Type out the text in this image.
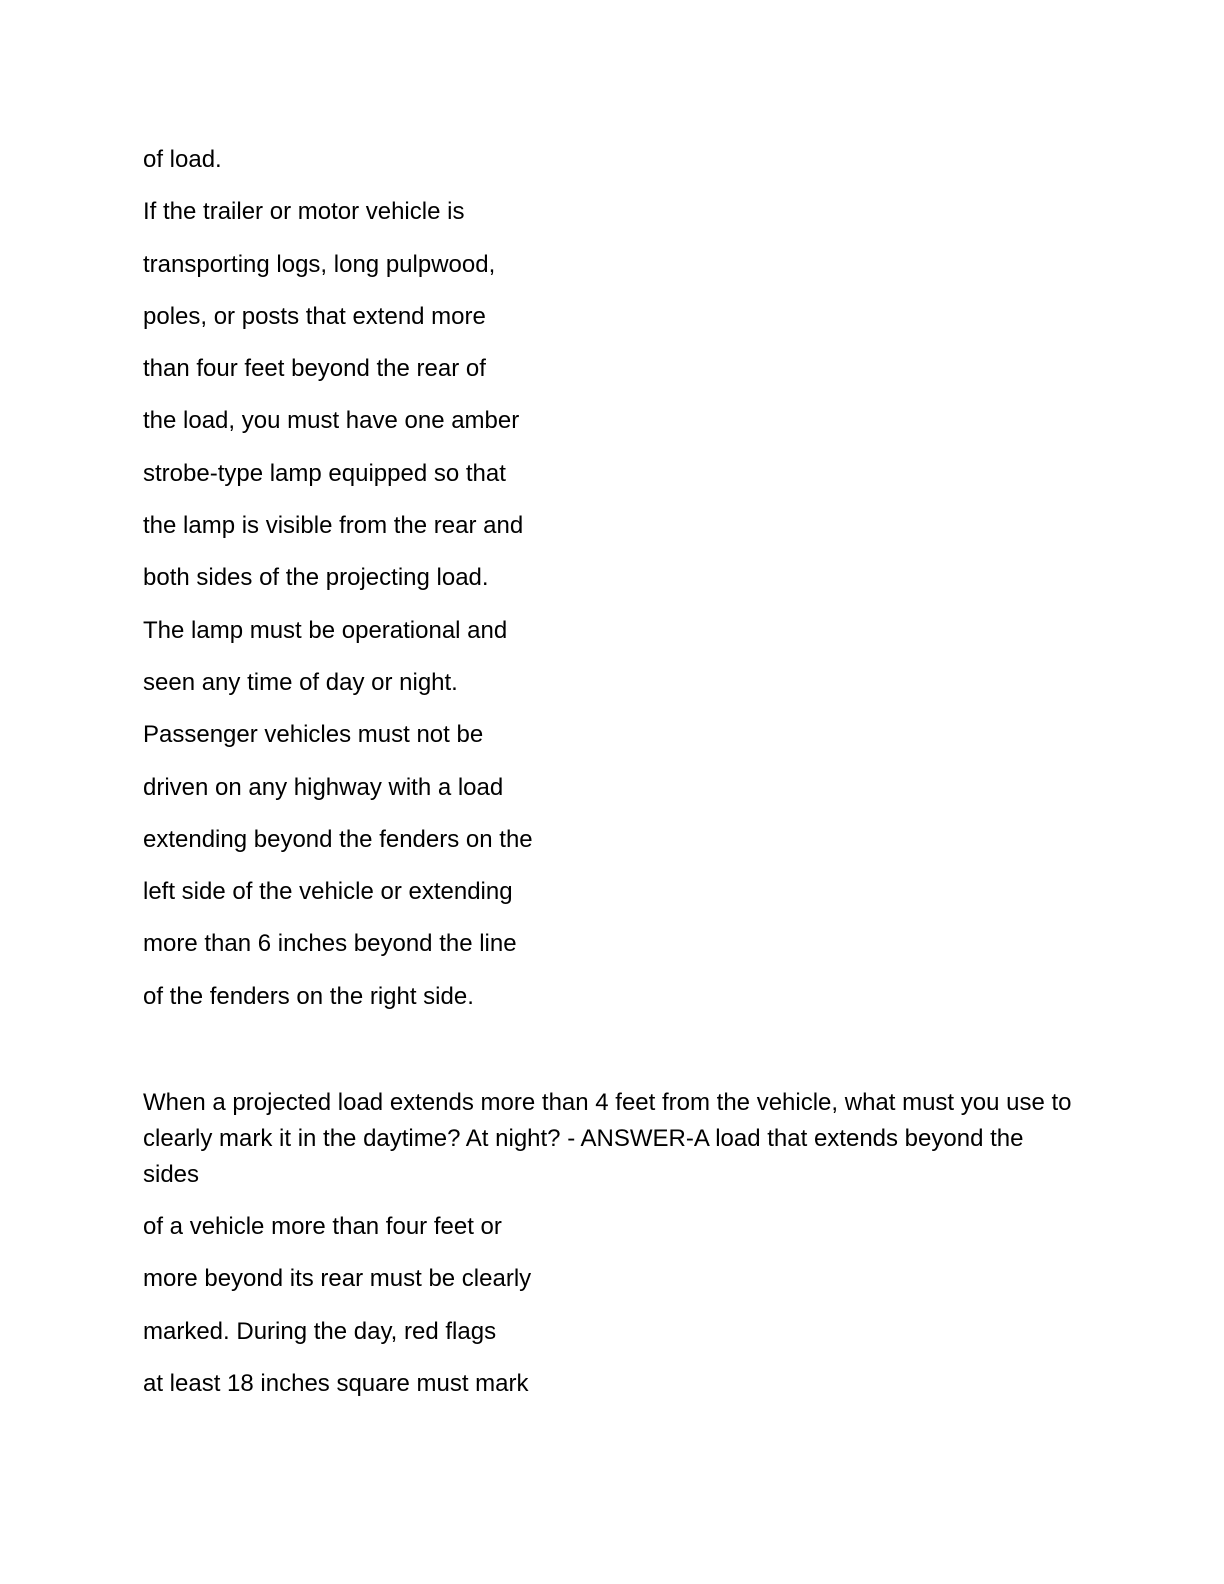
of load.
If the trailer or motor vehicle is
transporting logs, long pulpwood,
poles, or posts that extend more
than four feet beyond the rear of
the load, you must have one amber
strobe-type lamp equipped so that
the lamp is visible from the rear and
both sides of the projecting load.
The lamp must be operational and
seen any time of day or night.
Passenger vehicles must not be
driven on any highway with a load
extending beyond the fenders on the
left side of the vehicle or extending
more than 6 inches beyond the line
of the fenders on the right side.
When a projected load extends more than 4 feet from the vehicle, what must you use to clearly mark it in the daytime? At night? - ANSWER-A load that extends beyond the sides
of a vehicle more than four feet or
more beyond its rear must be clearly
marked. During the day, red flags
at least 18 inches square must mark
